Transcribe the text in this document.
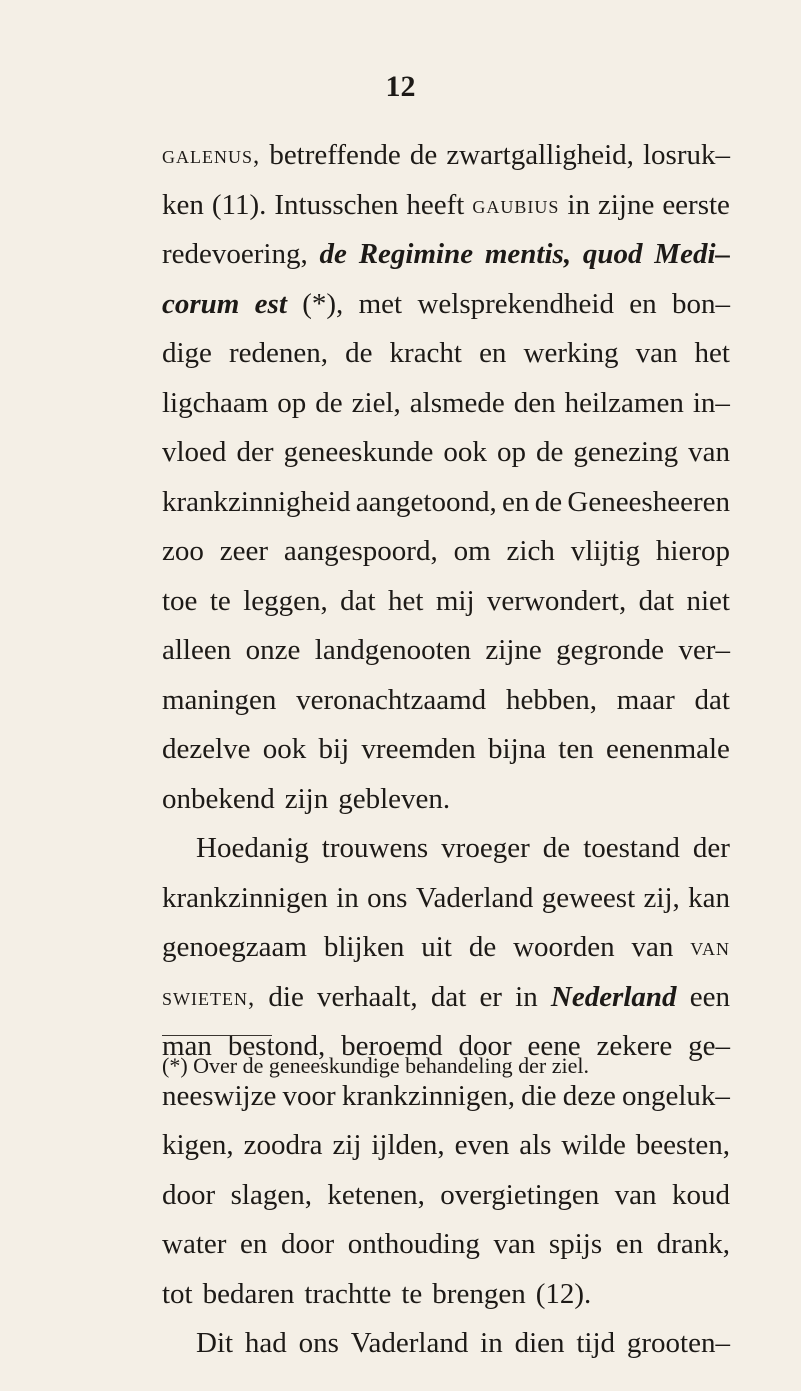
12
galenus, betreffende de zwartgalligheid, losruk–
ken (11). Intusschen heeft gaubius in zijne eerste
redevoering, de Regimine mentis, quod Medi–
corum est (*), met welsprekendheid en bon–
dige redenen, de kracht en werking van het
ligchaam op de ziel, alsmede den heilzamen in–
vloed der geneeskunde ook op de genezing van
krankzinnigheid aangetoond, en de Geneesheeren
zoo zeer aangespoord, om zich vlijtig hierop
toe te leggen, dat het mij verwondert, dat niet
alleen onze landgenooten zijne gegronde ver–
maningen veronachtzaamd hebben, maar dat
dezelve ook bij vreemden bijna ten eenenmale
onbekend zijn gebleven.
Hoedanig trouwens vroeger de toestand der
krankzinnigen in ons Vaderland geweest zij, kan
genoegzaam blijken uit de woorden van van
swieten, die verhaalt, dat er in Nederland een
man bestond, beroemd door eene zekere ge–
neeswijze voor krankzinnigen, die deze ongeluk–
kigen, zoodra zij ijlden, even als wilde beesten,
door slagen, ketenen, overgietingen van koud
water en door onthouding van spijs en drank,
tot bedaren trachtte te brengen (12).
Dit had ons Vaderland in dien tijd grooten–
(*) Over de geneeskundige behandeling der ziel.
